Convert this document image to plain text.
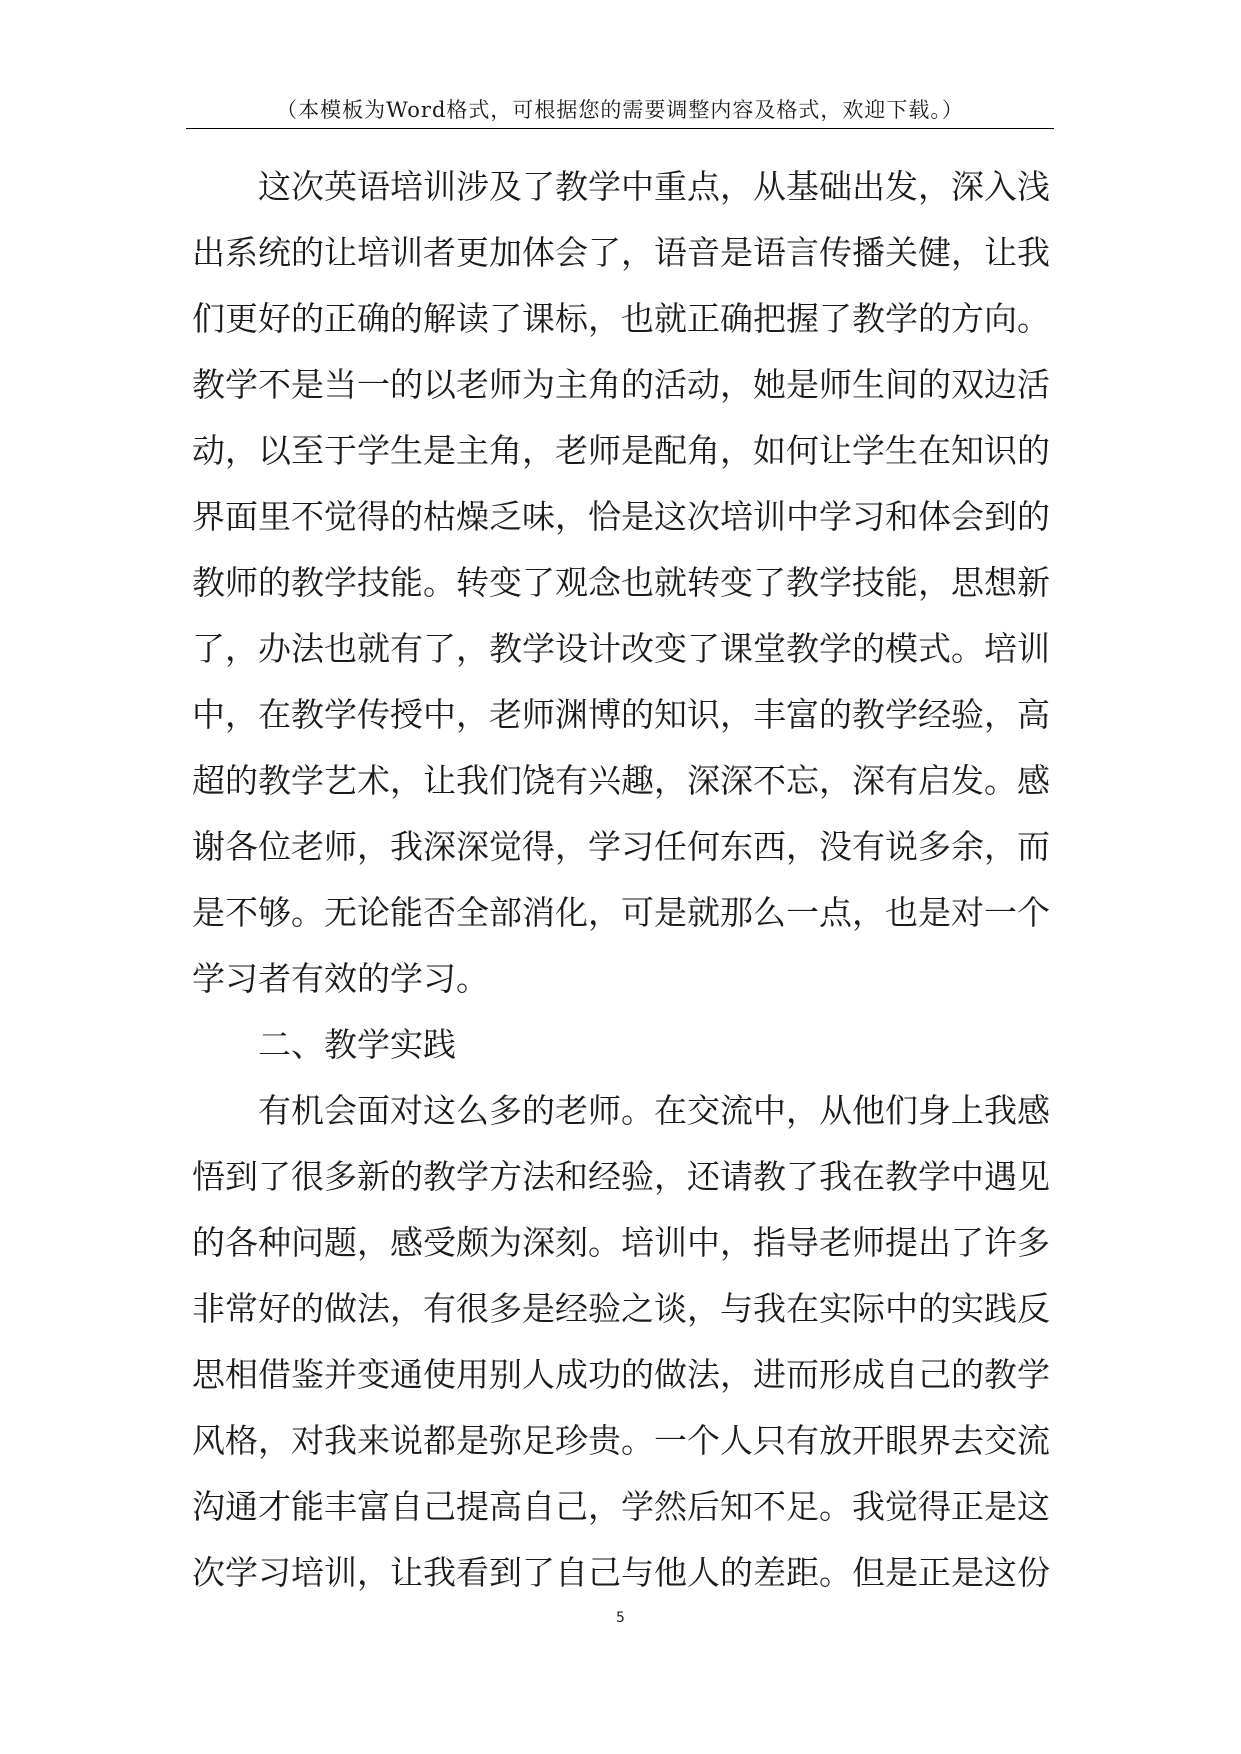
（本模板为Word格式，可根据您的需要调整内容及格式，欢迎下载。）
这次英语培训涉及了教学中重点，从基础出发，深入浅
出系统的让培训者更加体会了，语音是语言传播关健，让我
们更好的正确的解读了课标，也就正确把握了教学的方向。
教学不是当一的以老师为主角的活动，她是师生间的双边活
动，以至于学生是主角，老师是配角，如何让学生在知识的
界面里不觉得的枯燥乏味，恰是这次培训中学习和体会到的
教师的教学技能。转变了观念也就转变了教学技能，思想新
了，办法也就有了，教学设计改变了课堂教学的模式。培训
中，在教学传授中，老师渊博的知识，丰富的教学经验，高
超的教学艺术，让我们饶有兴趣，深深不忘，深有启发。感
谢各位老师，我深深觉得，学习任何东西，没有说多余，而
是不够。无论能否全部消化，可是就那么一点，也是对一个
学习者有效的学习。
二、教学实践
有机会面对这么多的老师。在交流中，从他们身上我感
悟到了很多新的教学方法和经验，还请教了我在教学中遇见
的各种问题，感受颇为深刻。培训中，指导老师提出了许多
非常好的做法，有很多是经验之谈，与我在实际中的实践反
思相借鉴并变通使用别人成功的做法，进而形成自己的教学
风格，对我来说都是弥足珍贵。一个人只有放开眼界去交流
沟通才能丰富自己提高自己，学然后知不足。我觉得正是这
次学习培训，让我看到了自己与他人的差距。但是正是这份
5
